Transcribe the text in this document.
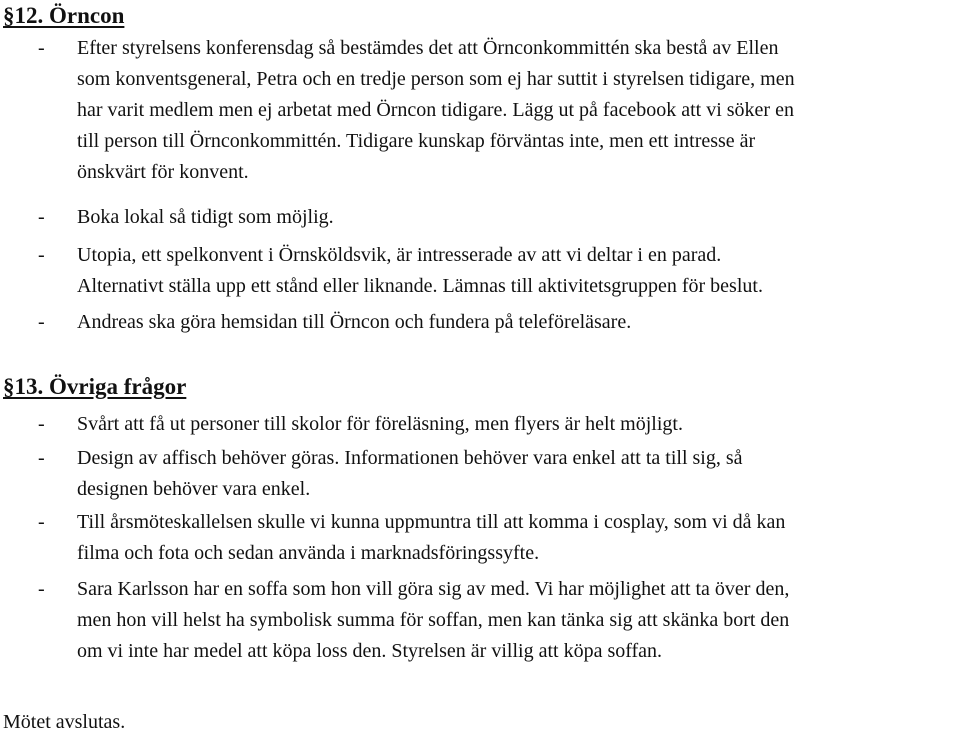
§12. Örncon
- Efter styrelsens konferensdag så bestämdes det att Örnconkommittén ska bestå av Ellen
som konventsgeneral, Petra och en tredje person som ej har suttit i styrelsen tidigare, men
har varit medlem men ej arbetat med Örncon tidigare. Lägg ut på facebook att vi söker en
till person till Örnconkommittén. Tidigare kunskap förväntas inte, men ett intresse är
önskvärt för konvent.
- Boka lokal så tidigt som möjlig.
- Utopia, ett spelkonvent i Örnsköldsvik, är intresserade av att vi deltar i en parad.
Alternativt ställa upp ett stånd eller liknande. Lämnas till aktivitetsgruppen för beslut.
- Andreas ska göra hemsidan till Örncon och fundera på teleföreläsare.
§13. Övriga frågor
- Svårt att få ut personer till skolor för föreläsning, men flyers är helt möjligt.
- Design av affisch behöver göras. Informationen behöver vara enkel att ta till sig, så
designen behöver vara enkel.
- Till årsmöteskallelsen skulle vi kunna uppmuntra till att komma i cosplay, som vi då kan
filma och fota och sedan använda i marknadsföringssyfte.
- Sara Karlsson har en soffa som hon vill göra sig av med. Vi har möjlighet att ta över den,
men hon vill helst ha symbolisk summa för soffan, men kan tänka sig att skänka bort den
om vi inte har medel att köpa loss den. Styrelsen är villig att köpa soffan.

Mötet avslutas.
